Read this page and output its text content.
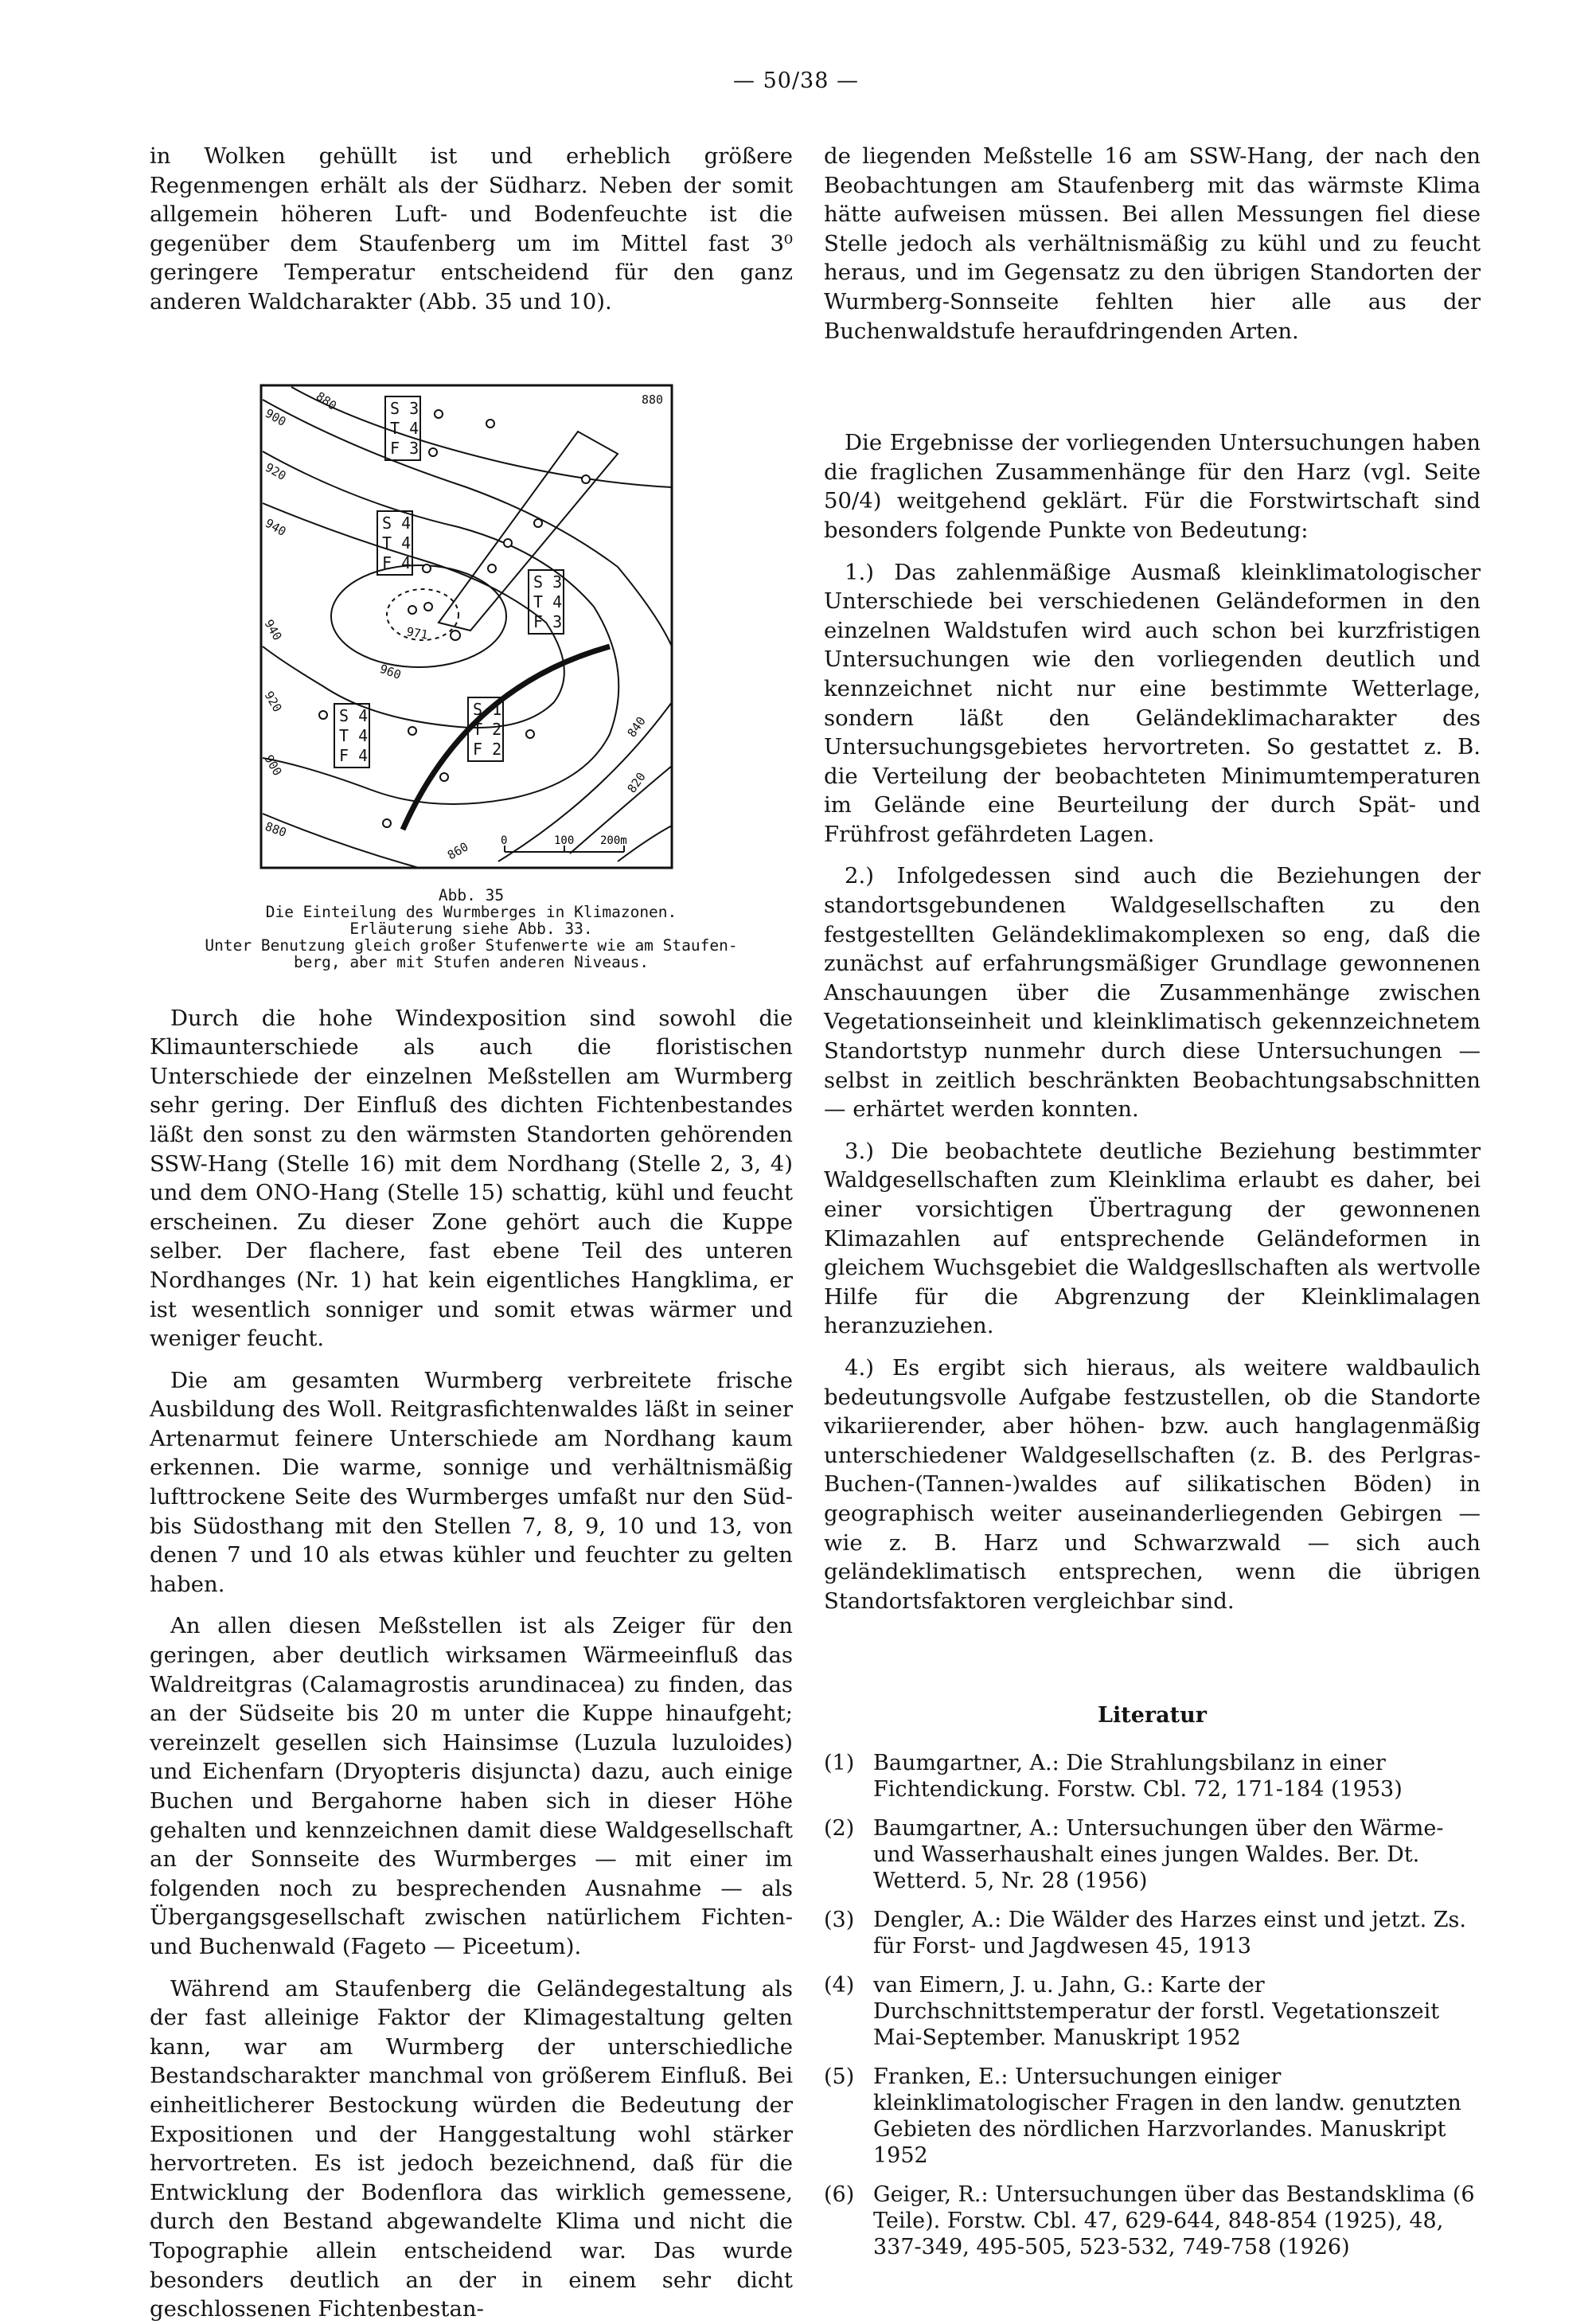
— 50/38 —

in Wolken gehüllt ist und erheblich größere Regenmengen erhält als der Südharz. Neben der somit allgemein höheren Luft- und Bodenfeuchte ist die gegenüber dem Staufenberg um im Mittel fast 3⁰ geringere Temperatur entscheidend für den ganz anderen Waldcharakter (Abb. 35 und 10).

880
900
920
940
940
960
920
900
880
860
840
820
880
971
S 3
T 4
F 3
S 4
T 4
F 4
S 3
T 4
F 3
S 4
T 4
F 4
S 1
T 2
F 2
0	100 200m
Abb. 35
Die Einteilung des Wurmberges in Klimazonen.
Erläuterung siehe Abb. 33.
Unter Benutzung gleich großer Stufenwerte wie am Staufen-
berg, aber mit Stufen anderen Niveaus.

Durch die hohe Windexposition sind sowohl die Klimaunterschiede als auch die floristischen Unterschiede der einzelnen Meßstellen am Wurmberg sehr gering. Der Einfluß des dichten Fichtenbestandes läßt den sonst zu den wärmsten Standorten gehörenden SSW-Hang (Stelle 16) mit dem Nordhang (Stelle 2, 3, 4) und dem ONO-Hang (Stelle 15) schattig, kühl und feucht erscheinen. Zu dieser Zone gehört auch die Kuppe selber. Der flachere, fast ebene Teil des unteren Nordhanges (Nr. 1) hat kein eigentliches Hangklima, er ist wesentlich sonniger und somit etwas wärmer und weniger feucht.

Die am gesamten Wurmberg verbreitete frische Ausbildung des Woll. Reitgrasfichtenwaldes läßt in seiner Artenarmut feinere Unterschiede am Nordhang kaum erkennen. Die warme, sonnige und verhältnismäßig lufttrockene Seite des Wurmberges umfaßt nur den Süd- bis Südosthang mit den Stellen 7, 8, 9, 10 und 13, von denen 7 und 10 als etwas kühler und feuchter zu gelten haben.

An allen diesen Meßstellen ist als Zeiger für den geringen, aber deutlich wirksamen Wärmeeinfluß das Waldreitgras (Calamagrostis arundinacea) zu finden, das an der Südseite bis 20 m unter die Kuppe hinaufgeht; vereinzelt gesellen sich Hainsimse (Luzula luzuloides) und Eichenfarn (Dryopteris disjuncta) dazu, auch einige Buchen und Bergahorne haben sich in dieser Höhe gehalten und kennzeichnen damit diese Waldgesellschaft an der Sonnseite des Wurmberges — mit einer im folgenden noch zu besprechenden Ausnahme — als Übergangsgesellschaft zwischen natürlichem Fichten- und Buchenwald (Fageto — Piceetum).

Während am Staufenberg die Geländegestaltung als der fast alleinige Faktor der Klimagestaltung gelten kann, war am Wurmberg der unterschiedliche Bestandscharakter manchmal von größerem Einfluß. Bei einheitlicherer Bestockung würden die Bedeutung der Expositionen und der Hanggestaltung wohl stärker hervortreten. Es ist jedoch bezeichnend, daß für die Entwicklung der Bodenflora das wirklich gemessene, durch den Bestand abgewandelte Klima und nicht die Topographie allein entscheidend war. Das wurde besonders deutlich an der in einem sehr dicht geschlossenen Fichtenbestan-

de liegenden Meßstelle 16 am SSW-Hang, der nach den Beobachtungen am Staufenberg mit das wärmste Klima hätte aufweisen müssen. Bei allen Messungen fiel diese Stelle jedoch als verhältnismäßig zu kühl und zu feucht heraus, und im Gegensatz zu den übrigen Standorten der Wurmberg-Sonnseite fehlten hier alle aus der Buchenwaldstufe heraufdringenden Arten.

Die Ergebnisse der vorliegenden Untersuchungen haben die fraglichen Zusammenhänge für den Harz (vgl. Seite 50/4) weitgehend geklärt. Für die Forstwirtschaft sind besonders folgende Punkte von Bedeutung:

1.) Das zahlenmäßige Ausmaß kleinklimatologischer Unterschiede bei verschiedenen Geländeformen in den einzelnen Waldstufen wird auch schon bei kurzfristigen Untersuchungen wie den vorliegenden deutlich und kennzeichnet nicht nur eine bestimmte Wetterlage, sondern läßt den Geländeklimacharakter des Untersuchungsgebietes hervortreten. So gestattet z. B. die Verteilung der beobachteten Minimumtemperaturen im Gelände eine Beurteilung der durch Spät- und Frühfrost gefährdeten Lagen.

2.) Infolgedessen sind auch die Beziehungen der standortsgebundenen Waldgesellschaften zu den festgestellten Geländeklimakomplexen so eng, daß die zunächst auf erfahrungsmäßiger Grundlage gewonnenen Anschauungen über die Zusammenhänge zwischen Vegetationseinheit und kleinklimatisch gekennzeichnetem Standortstyp nunmehr durch diese Untersuchungen — selbst in zeitlich beschränkten Beobachtungsabschnitten — erhärtet werden konnten.

3.) Die beobachtete deutliche Beziehung bestimmter Waldgesellschaften zum Kleinklima erlaubt es daher, bei einer vorsichtigen Übertragung der gewonnenen Klimazahlen auf entsprechende Geländeformen in gleichem Wuchsgebiet die Waldgesllschaften als wertvolle Hilfe für die Abgrenzung der Kleinklimalagen heranzuziehen.

4.) Es ergibt sich hieraus, als weitere waldbaulich bedeutungsvolle Aufgabe festzustellen, ob die Standorte vikariierender, aber höhen- bzw. auch hanglagenmäßig unterschiedener Waldgesellschaften (z. B. des Perlgras-Buchen-(Tannen-)waldes auf silikatischen Böden) in geographisch weiter auseinanderliegenden Gebirgen — wie z. B. Harz und Schwarzwald — sich auch geländeklimatisch entsprechen, wenn die übrigen Standortsfaktoren vergleichbar sind.

Literatur
(1) Baumgartner, A.: Die Strahlungsbilanz in einer Fichtendickung. Forstw. Cbl. 72, 171-184 (1953)
(2) Baumgartner, A.: Untersuchungen über den Wärme- und Wasserhaushalt eines jungen Waldes. Ber. Dt. Wetterd. 5, Nr. 28 (1956)
(3) Dengler, A.: Die Wälder des Harzes einst und jetzt. Zs. für Forst- und Jagdwesen 45, 1913
(4) van Eimern, J. u. Jahn, G.: Karte der Durchschnittstemperatur der forstl. Vegetationszeit Mai-September. Manuskript 1952
(5) Franken, E.: Untersuchungen einiger kleinklimatologischer Fragen in den landw. genutzten Gebieten des nördlichen Harzvorlandes. Manuskript 1952
(6) Geiger, R.: Untersuchungen über das Bestandsklima (6 Teile). Forstw. Cbl. 47, 629-644, 848-854 (1925), 48, 337-349, 495-505, 523-532, 749-758 (1926)
